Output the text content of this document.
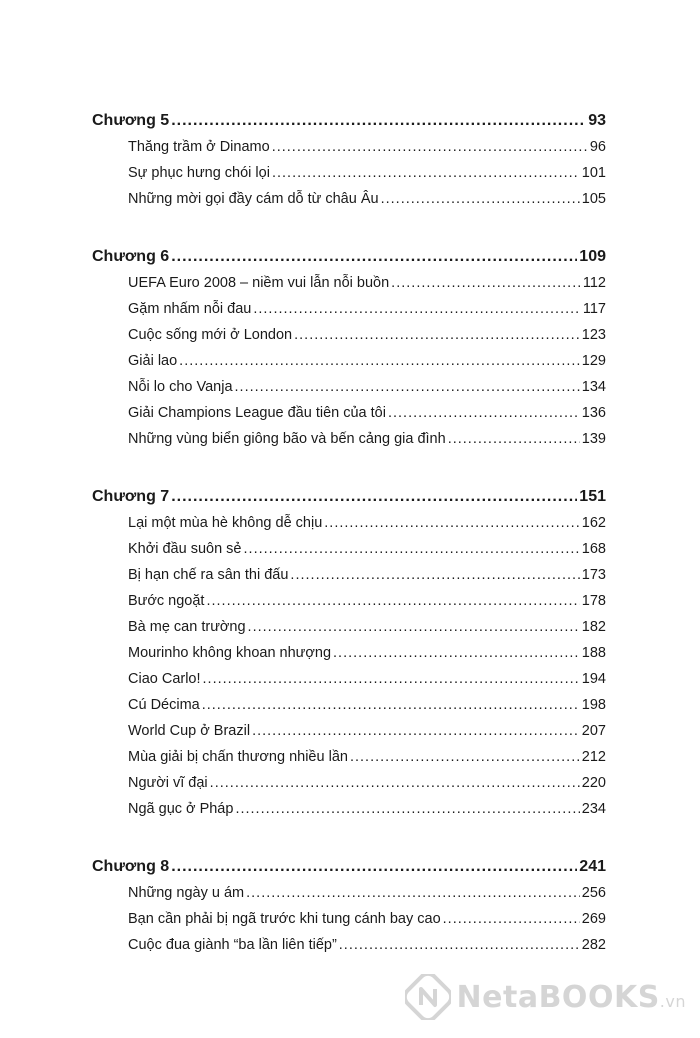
Chương 5 .....	93
Thăng trầm ở Dinamo .....	96
Sự phục hưng chói lọi .....	101
Những mời gọi đầy cám dỗ từ châu Âu .....	105
Chương 6 .....	109
UEFA Euro 2008 – niềm vui lẫn nỗi buồn .....	112
Gặm nhấm nỗi đau .....	117
Cuộc sống mới ở London .....	123
Giải lao .....	129
Nỗi lo cho Vanja .....	134
Giải Champions League đầu tiên của tôi .....	136
Những vùng biển giông bão và bến cảng gia đình .....	139
Chương 7 .....	151
Lại một mùa hè không dễ chịu .....	162
Khởi đầu suôn sẻ .....	168
Bị hạn chế ra sân thi đấu .....	173
Bước ngoặt .....	178
Bà mẹ can trường .....	182
Mourinho không khoan nhượng .....	188
Ciao Carlo! .....	194
Cú Décima .....	198
World Cup ở Brazil .....	207
Mùa giải bị chấn thương nhiều lần .....	212
Người vĩ đại .....	220
Ngã gục ở Pháp .....	234
Chương 8 .....	241
Những ngày u ám .....	256
Bạn cần phải bị ngã trước khi tung cánh bay cao .....	269
Cuộc đua giành “ba lần liên tiếp” .....	282
NetaBOOKS.vn
